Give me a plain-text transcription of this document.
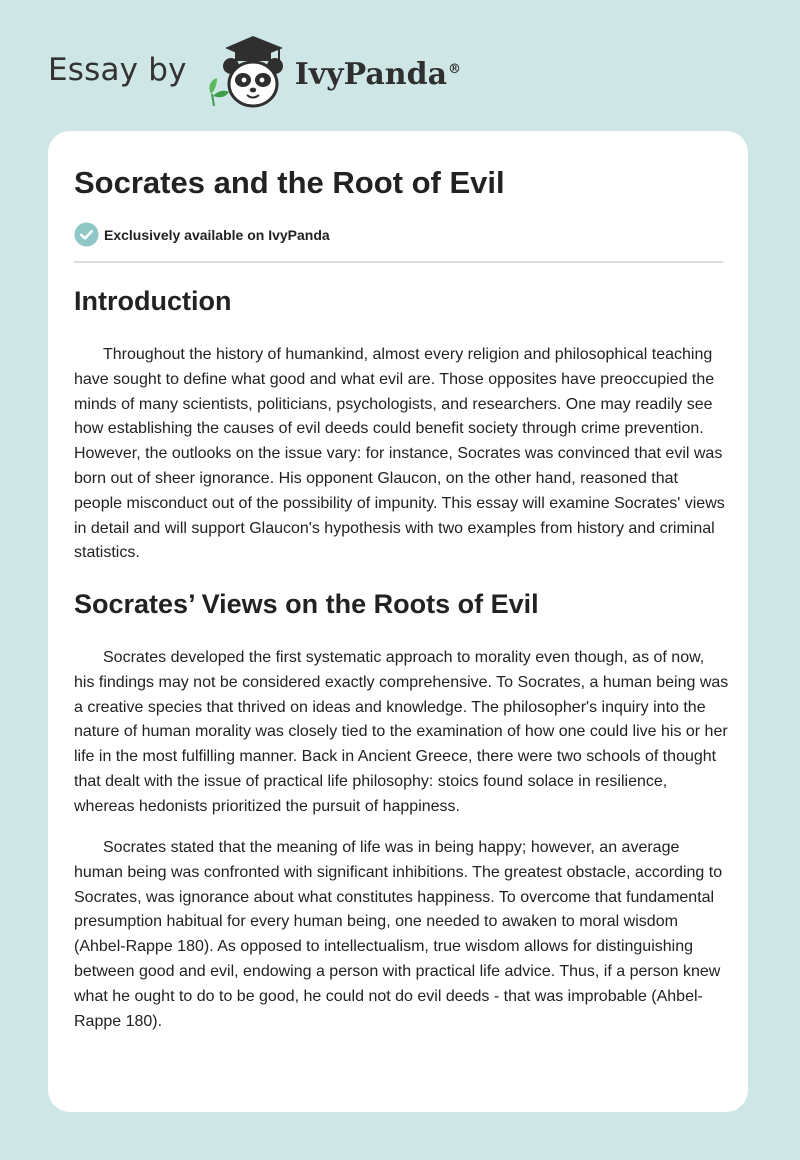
Essay by	IvyPanda®
Socrates and the Root of Evil
Exclusively available on IvyPanda
Introduction

Throughout the history of humankind, almost every religion and philosophical teaching have sought to define what good and what evil are. Those opposites have preoccupied the minds of many scientists, politicians, psychologists, and researchers. One may readily see how establishing the causes of evil deeds could benefit society through crime prevention. However, the outlooks on the issue vary: for instance, Socrates was convinced that evil was born out of sheer ignorance. His opponent Glaucon, on the other hand, reasoned that people misconduct out of the possibility of impunity. This essay will examine Socrates' views in detail and will support Glaucon's hypothesis with two examples from history and criminal statistics.

Socrates’ Views on the Roots of Evil

Socrates developed the first systematic approach to morality even though, as of now, his findings may not be considered exactly comprehensive. To Socrates, a human being was a creative species that thrived on ideas and knowledge. The philosopher's inquiry into the nature of human morality was closely tied to the examination of how one could live his or her life in the most fulfilling manner. Back in Ancient Greece, there were two schools of thought that dealt with the issue of practical life philosophy: stoics found solace in resilience, whereas hedonists prioritized the pursuit of happiness.

Socrates stated that the meaning of life was in being happy; however, an average human being was confronted with significant inhibitions. The greatest obstacle, according to Socrates, was ignorance about what constitutes happiness. To overcome that fundamental presumption habitual for every human being, one needed to awaken to moral wisdom (Ahbel-Rappe 180). As opposed to intellectualism, true wisdom allows for distinguishing between good and evil, endowing a person with practical life advice. Thus, if a person knew what he ought to do to be good, he could not do evil deeds - that was improbable (Ahbel-Rappe 180).
